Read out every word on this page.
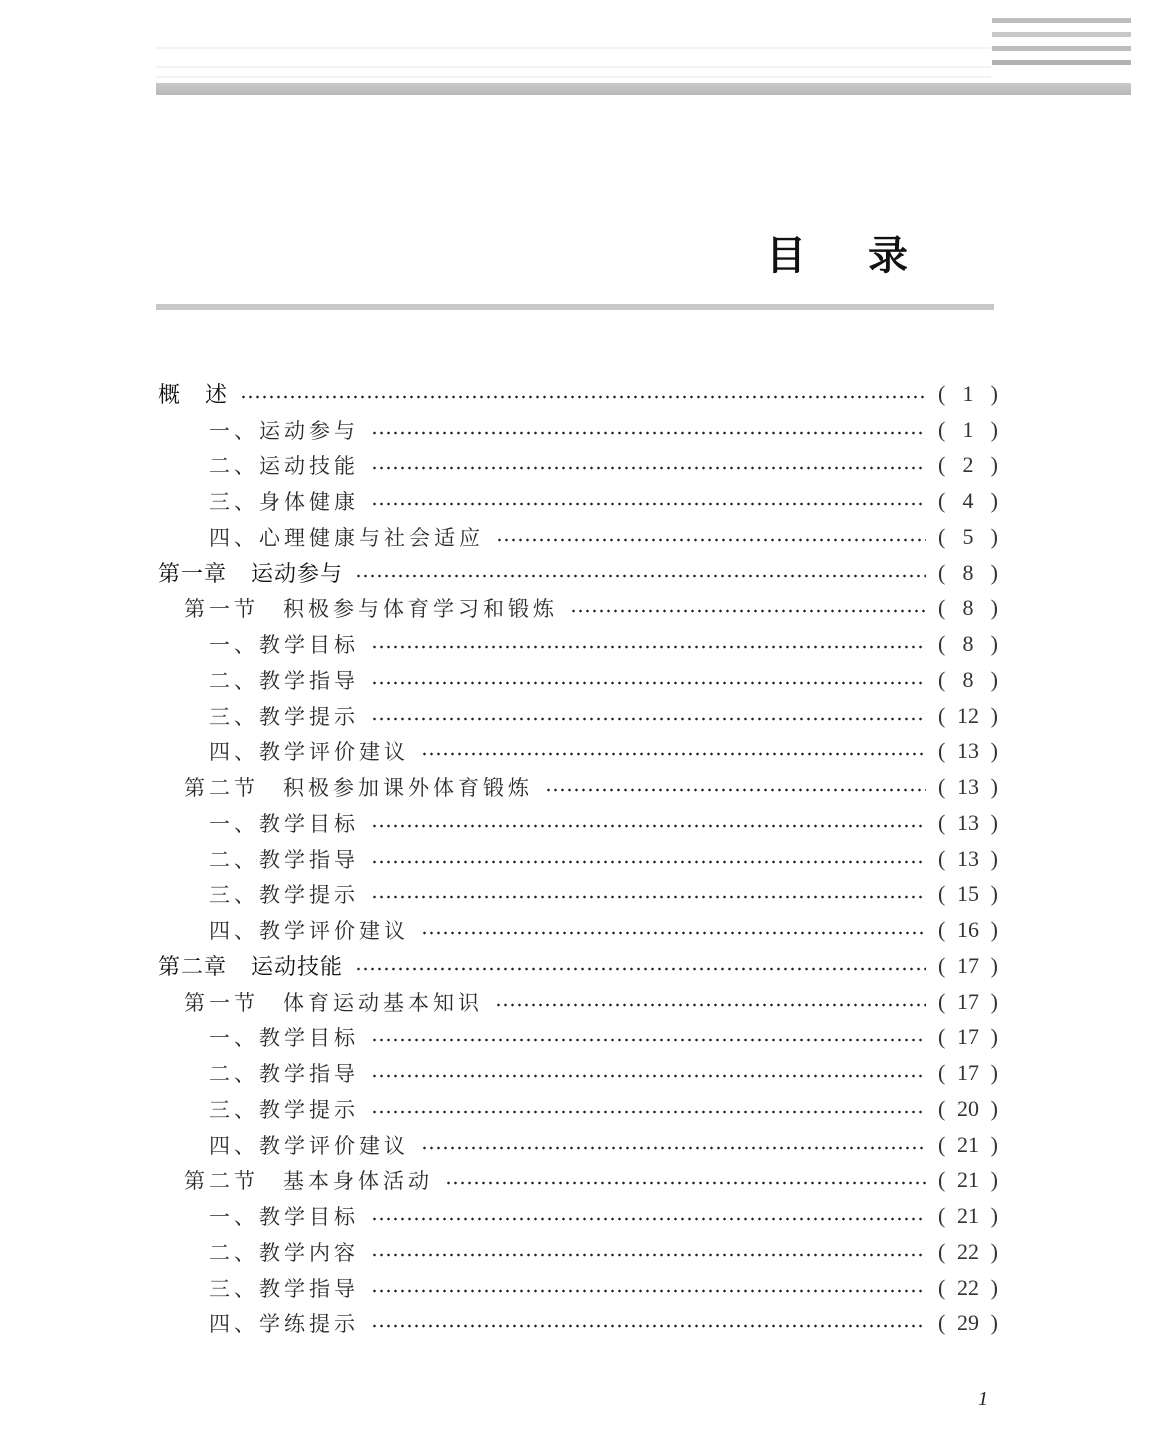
目 录
概 述	( 1 )
一、运动参与	( 1 )
二、运动技能	( 2 )
三、身体健康	( 4 )
四、心理健康与社会适应	( 5 )
第一章 运动参与	( 8 )
第一节 积极参与体育学习和锻炼	( 8 )
一、教学目标	( 8 )
二、教学指导	( 8 )
三、教学提示	( 12 )
四、教学评价建议	( 13 )
第二节 积极参加课外体育锻炼	( 13 )
一、教学目标	( 13 )
二、教学指导	( 13 )
三、教学提示	( 15 )
四、教学评价建议	( 16 )
第二章 运动技能	( 17 )
第一节 体育运动基本知识	( 17 )
一、教学目标	( 17 )
二、教学指导	( 17 )
三、教学提示	( 20 )
四、教学评价建议	( 21 )
第二节 基本身体活动	( 21 )
一、教学目标	( 21 )
二、教学内容	( 22 )
三、教学指导	( 22 )
四、学练提示	( 29 )
1
